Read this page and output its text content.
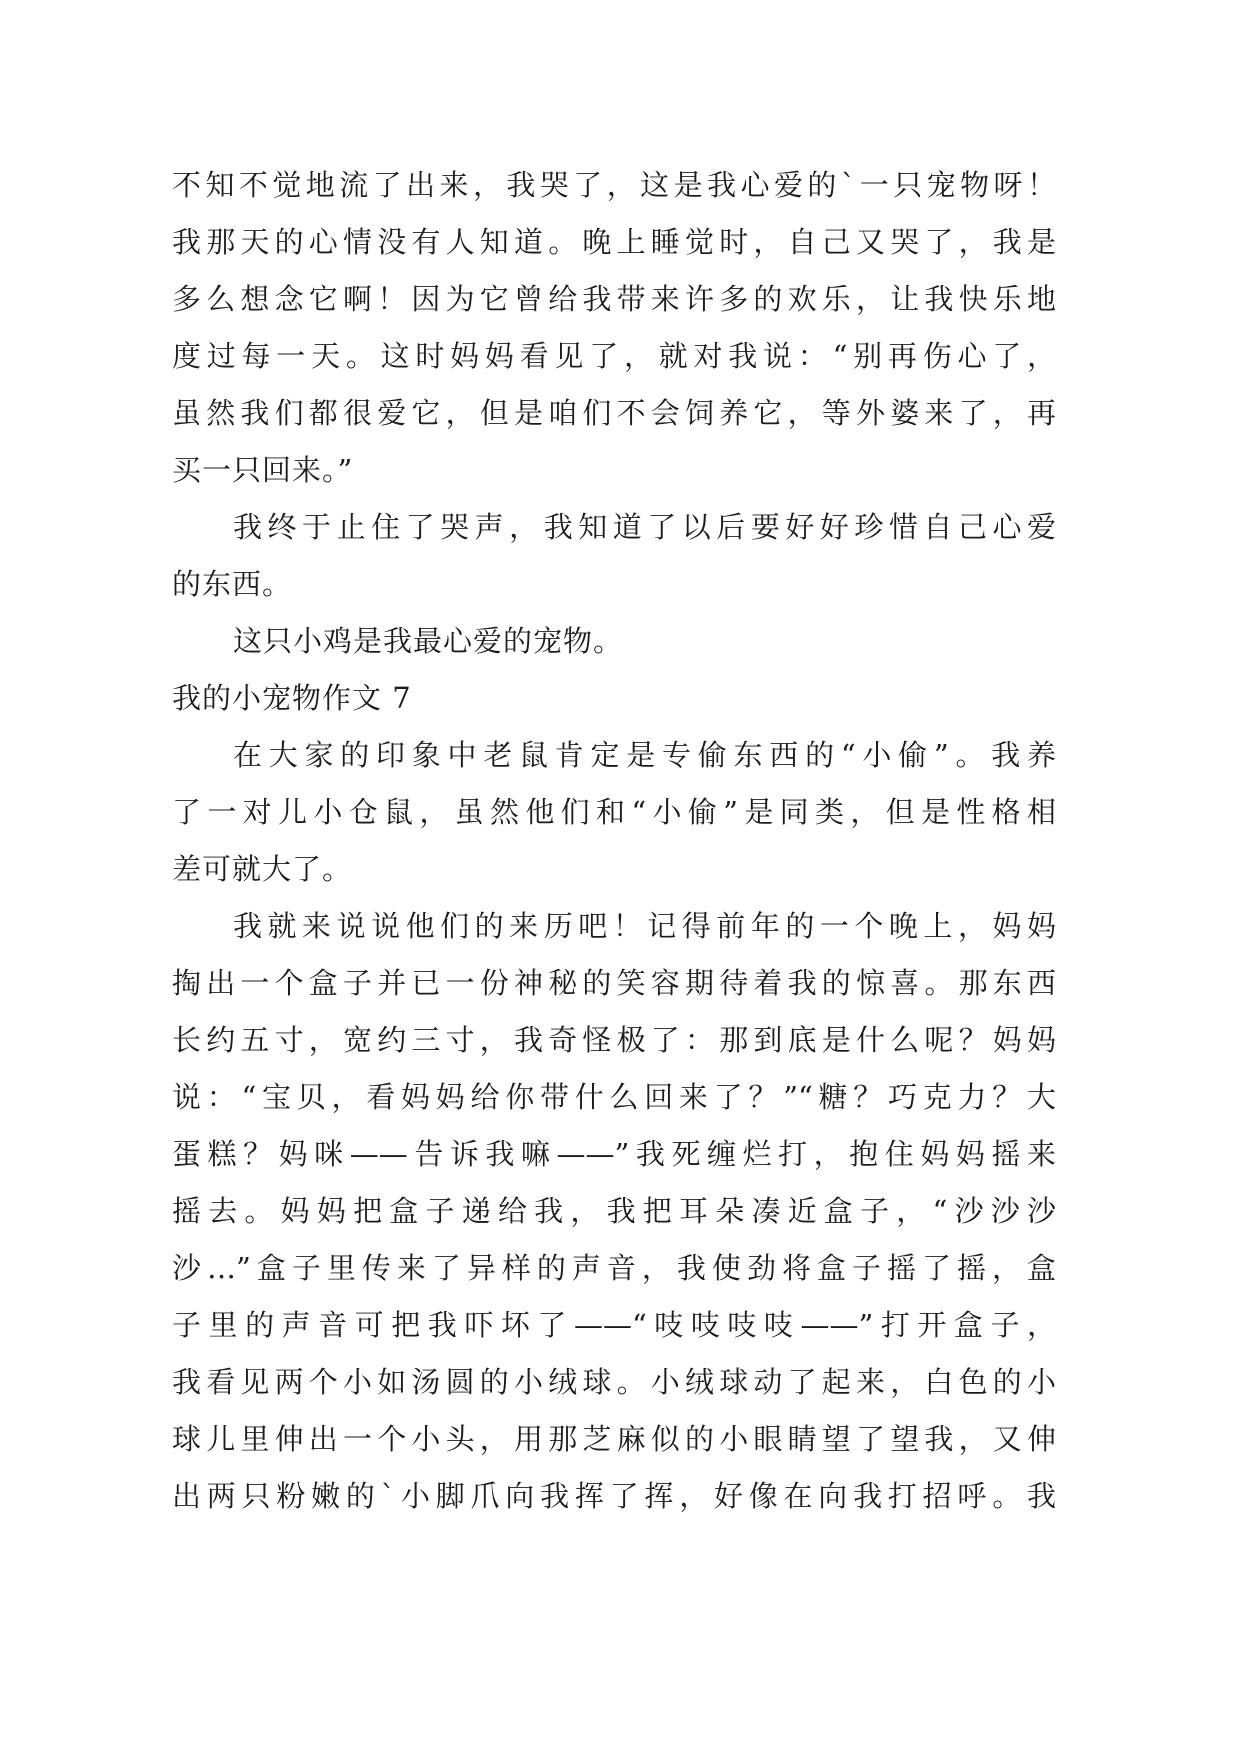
不知不觉地流了出来，我哭了，这是我心爱的`一只宠物呀！
我那天的心情没有人知道。晚上睡觉时，自己又哭了，我是
多么想念它啊！因为它曾给我带来许多的欢乐，让我快乐地
度过每一天。这时妈妈看见了，就对我说：“别再伤心了，
虽然我们都很爱它，但是咱们不会饲养它，等外婆来了，再
买一只回来。”
我终于止住了哭声，我知道了以后要好好珍惜自己心爱
的东西。
这只小鸡是我最心爱的宠物。
我的小宠物作文 7
在大家的印象中老鼠肯定是专偷东西的“小偷”。我养
了一对儿小仓鼠，虽然他们和“小偷”是同类，但是性格相
差可就大了。
我就来说说他们的来历吧！记得前年的一个晚上，妈妈
掏出一个盒子并已一份神秘的笑容期待着我的惊喜。那东西
长约五寸，宽约三寸，我奇怪极了：那到底是什么呢？妈妈
说：“宝贝，看妈妈给你带什么回来了？”“糖？巧克力？大
蛋糕？妈咪——告诉我嘛——”我死缠烂打，抱住妈妈摇来
摇去。妈妈把盒子递给我，我把耳朵凑近盒子，“沙沙沙
沙…”盒子里传来了异样的声音，我使劲将盒子摇了摇，盒
子里的声音可把我吓坏了——“吱吱吱吱——”打开盒子，
我看见两个小如汤圆的小绒球。小绒球动了起来，白色的小
球儿里伸出一个小头，用那芝麻似的小眼睛望了望我，又伸
出两只粉嫩的`小脚爪向我挥了挥，好像在向我打招呼。我
